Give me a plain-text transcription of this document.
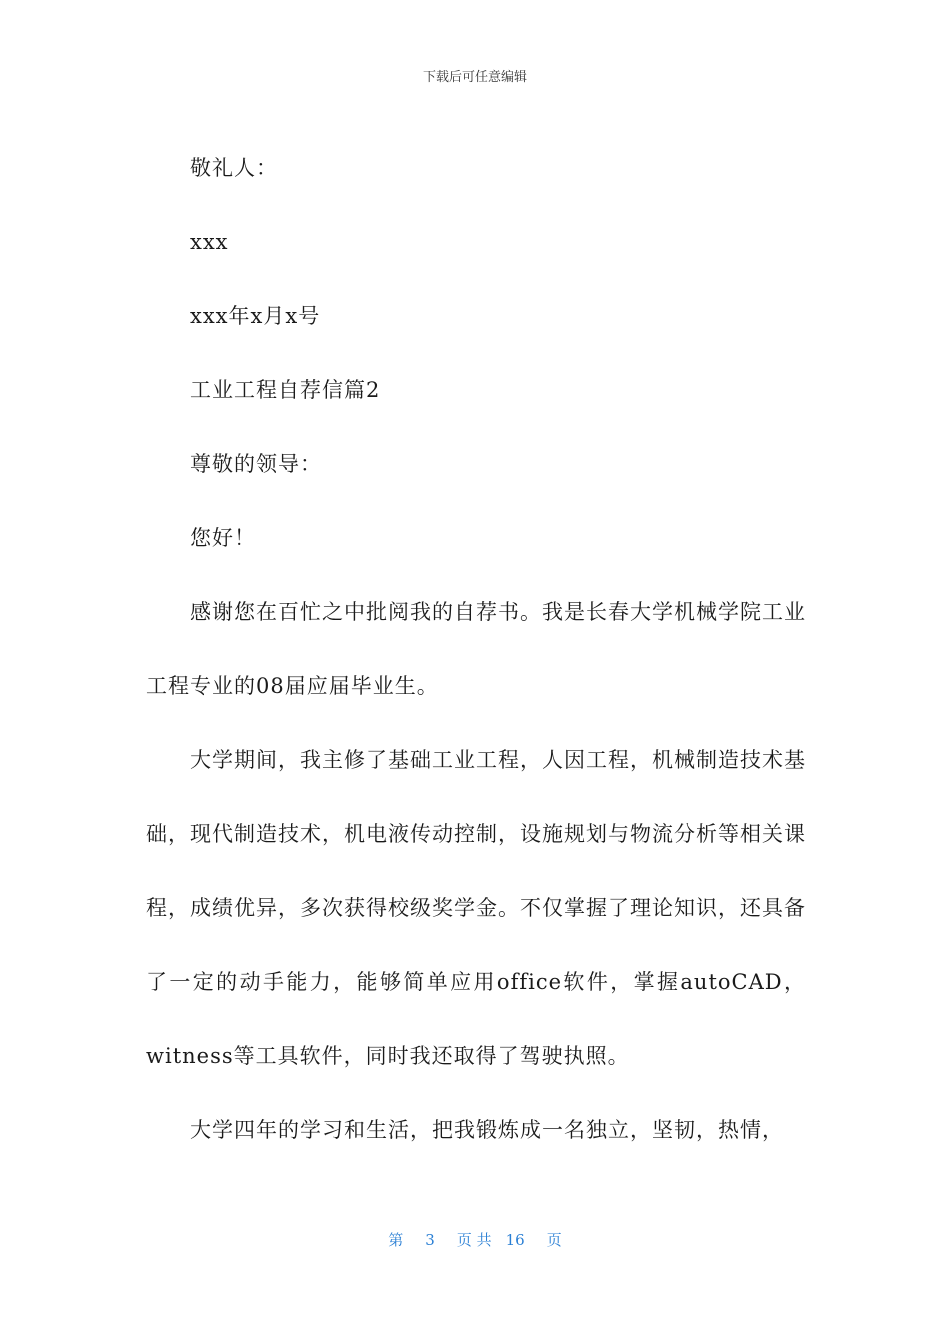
下载后可任意编辑

敬礼人：

xxx

xxx年x月x号

工业工程自荐信篇2

尊敬的领导：

您好！

感谢您在百忙之中批阅我的自荐书。我是长春大学机械学院工业工程专业的08届应届毕业生。

大学期间，我主修了基础工业工程，人因工程，机械制造技术基础，现代制造技术，机电液传动控制，设施规划与物流分析等相关课程，成绩优异，多次获得校级奖学金。不仅掌握了理论知识，还具备了一定的动手能力，能够简单应用office软件，掌握autoCAD，witness等工具软件，同时我还取得了驾驶执照。

大学四年的学习和生活，把我锻炼成一名独立，坚韧，热情，

第 3 页 共 16 页
